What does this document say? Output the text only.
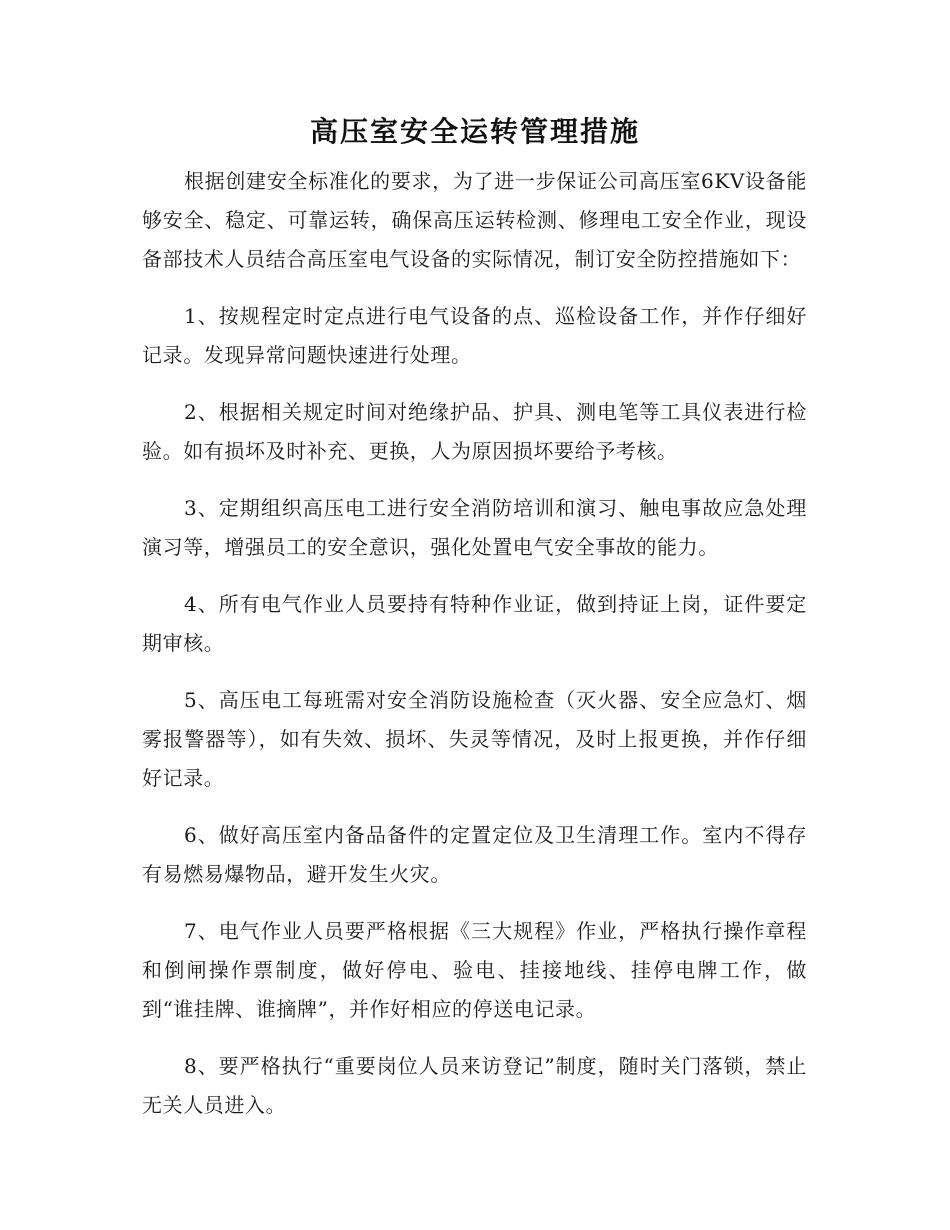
高压室安全运转管理措施

根据创建安全标准化的要求，为了进一步保证公司高压室6KV设备能够安全、稳定、可靠运转，确保高压运转检测、修理电工安全作业，现设备部技术人员结合高压室电气设备的实际情况，制订安全防控措施如下：

1、按规程定时定点进行电气设备的点、巡检设备工作，并作仔细好记录。发现异常问题快速进行处理。

2、根据相关规定时间对绝缘护品、护具、测电笔等工具仪表进行检验。如有损坏及时补充、更换，人为原因损坏要给予考核。

3、定期组织高压电工进行安全消防培训和演习、触电事故应急处理演习等，增强员工的安全意识，强化处置电气安全事故的能力。

4、所有电气作业人员要持有特种作业证，做到持证上岗，证件要定期审核。

5、高压电工每班需对安全消防设施检查（灭火器、安全应急灯、烟雾报警器等），如有失效、损坏、失灵等情况，及时上报更换，并作仔细好记录。

6、做好高压室内备品备件的定置定位及卫生清理工作。室内不得存有易燃易爆物品，避开发生火灾。

7、电气作业人员要严格根据《三大规程》作业，严格执行操作章程和倒闸操作票制度，做好停电、验电、挂接地线、挂停电牌工作，做到“谁挂牌、谁摘牌”，并作好相应的停送电记录。

8、要严格执行“重要岗位人员来访登记”制度，随时关门落锁，禁止无关人员进入。
